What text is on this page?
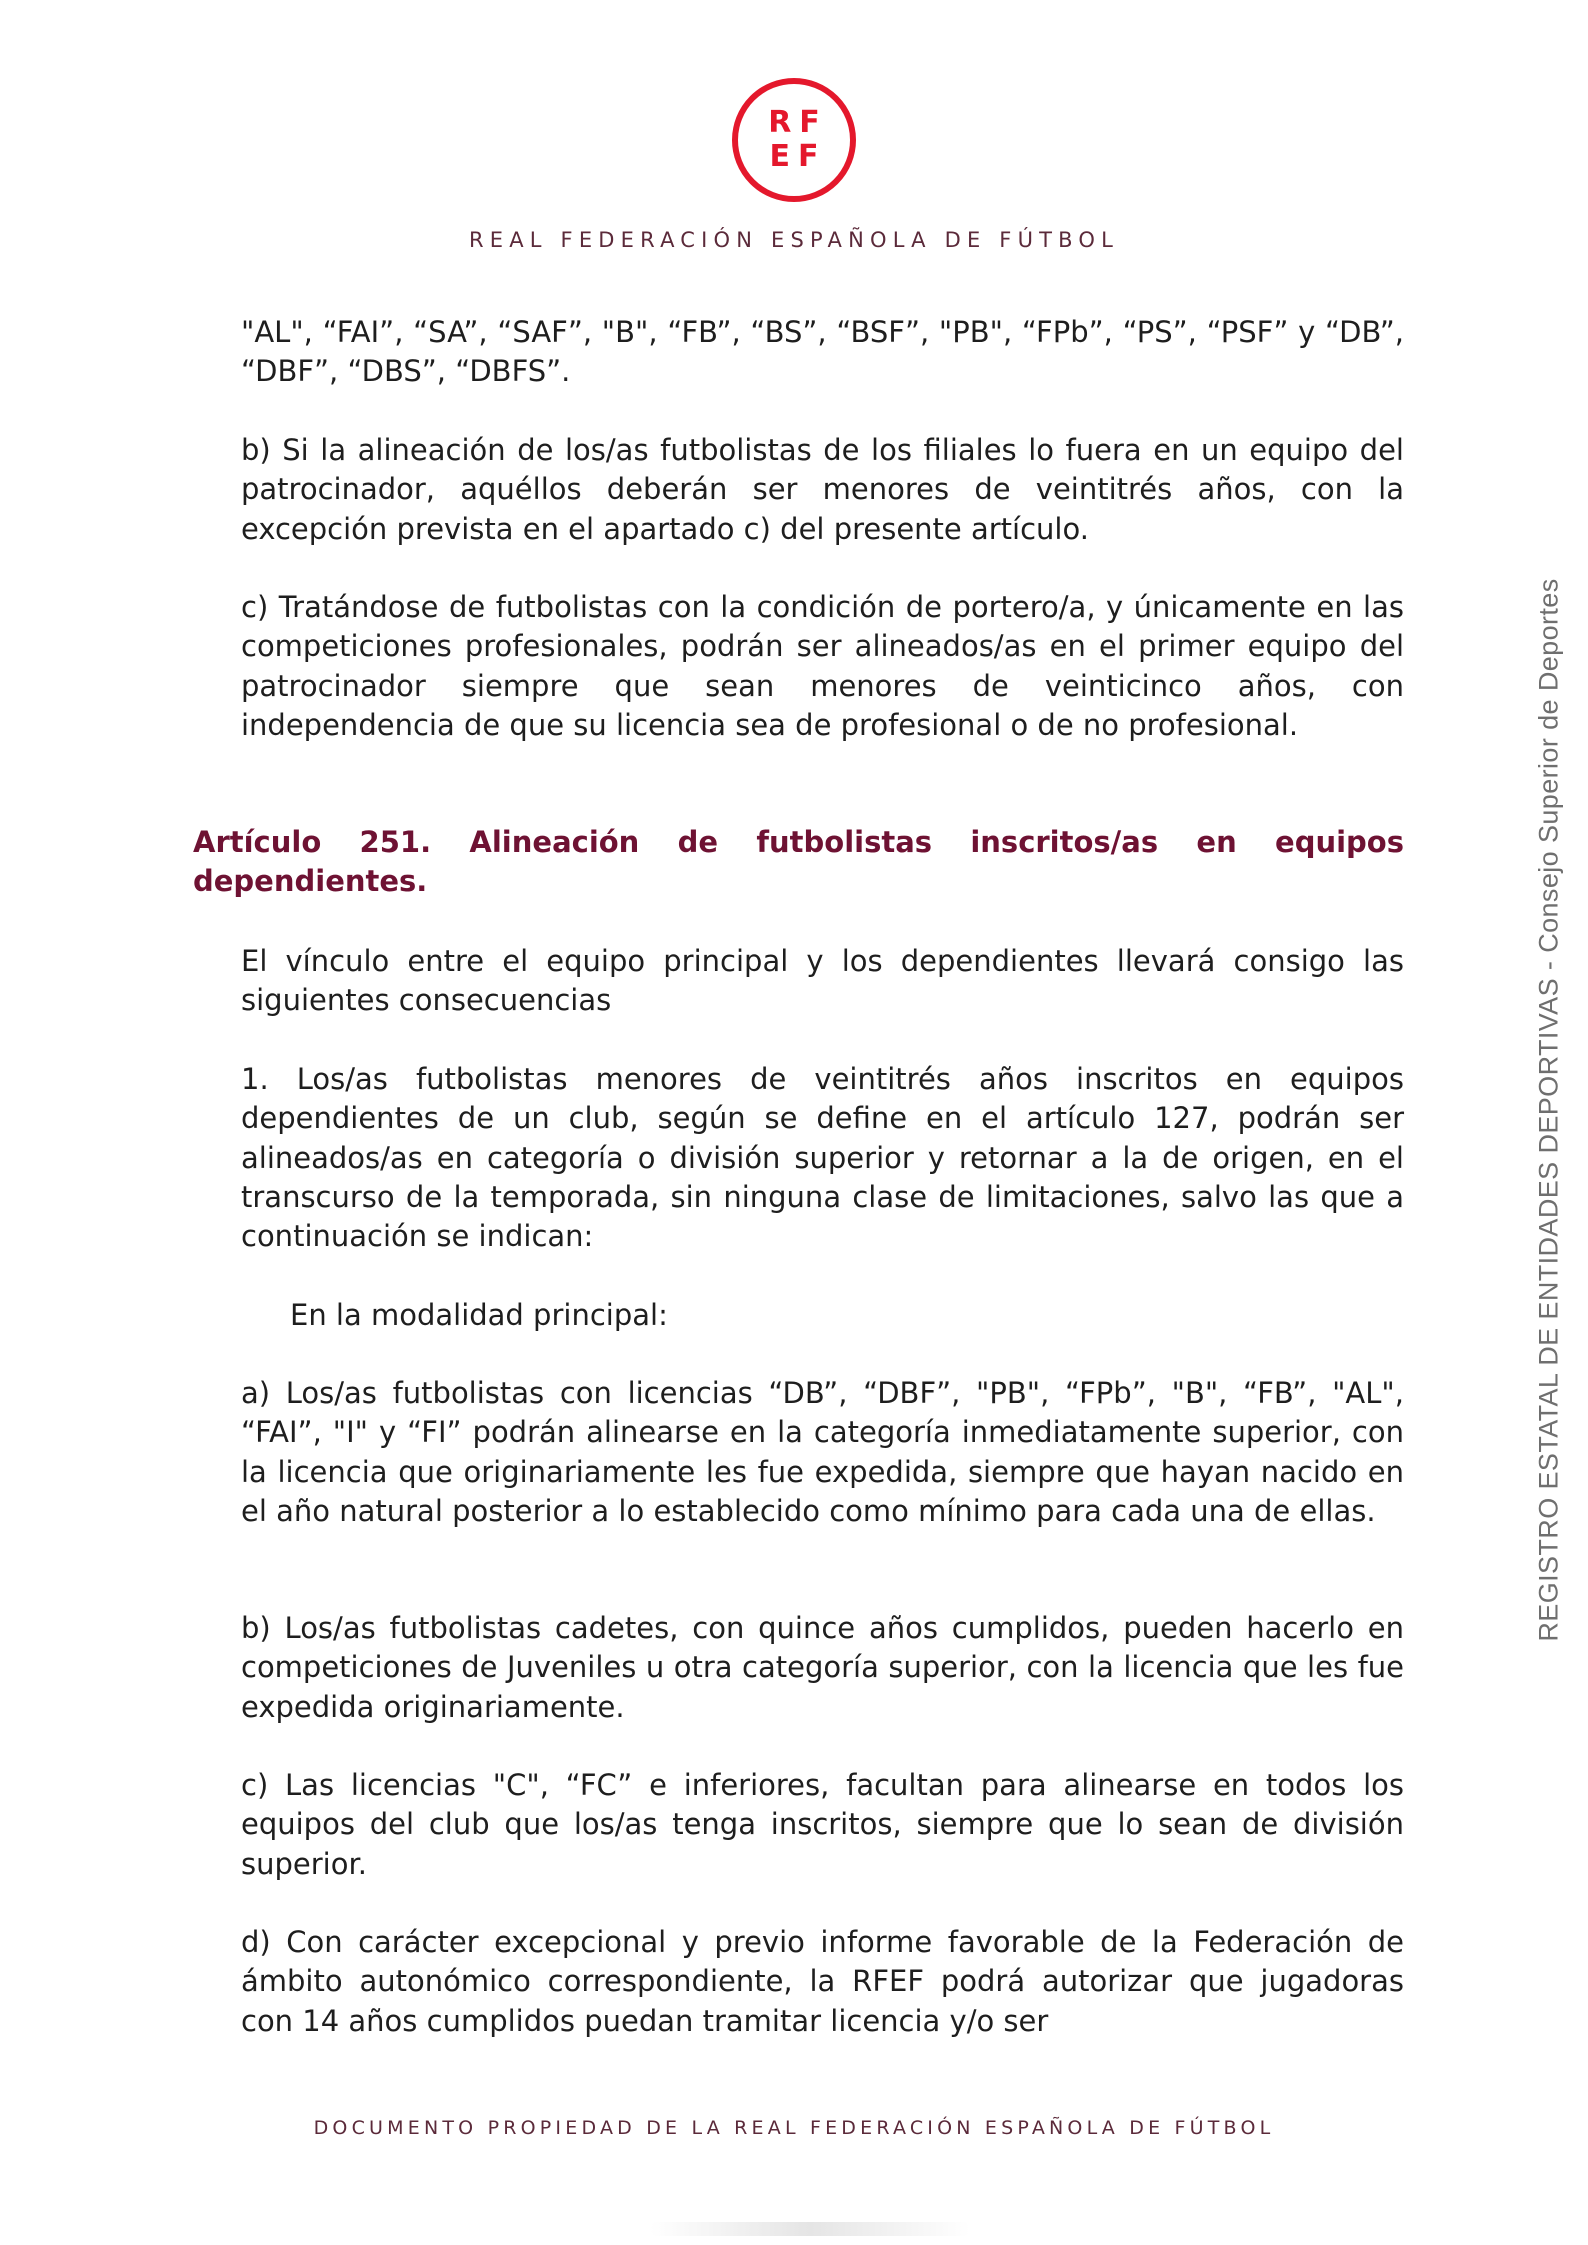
RF
EF
REAL FEDERACIÓN ESPAÑOLA DE FÚTBOL
REGISTRO ESTATAL DE ENTIDADES DEPORTIVAS - Consejo Superior de Deportes

"AL", “FAI”, “SA”, “SAF”, "B", “FB”, “BS”, “BSF”, "PB", “FPb”, “PS”, “PSF” y “DB”, “DBF”, “DBS”, “DBFS”.

b) Si la alineación de los/as futbolistas de los filiales lo fuera en un equipo del patrocinador, aquéllos deberán ser menores de veintitrés años, con la excepción prevista en el apartado c) del presente artículo.

c) Tratándose de futbolistas con la condición de portero/a, y únicamente en las competiciones profesionales, podrán ser alineados/as en el primer equipo del patrocinador siempre que sean menores de veinticinco años, con independencia de que su licencia sea de profesional o de no profesional.

Artículo 251. Alineación de futbolistas inscritos/as en equipos dependientes.

El vínculo entre el equipo principal y los dependientes llevará consigo las siguientes consecuencias

1. Los/as futbolistas menores de veintitrés años inscritos en equipos dependientes de un club, según se define en el artículo 127, podrán ser alineados/as en categoría o división superior y retornar a la de origen, en el transcurso de la temporada, sin ninguna clase de limitaciones, salvo las que a continuación se indican:

En la modalidad principal:

a) Los/as futbolistas con licencias “DB”, “DBF”, "PB", “FPb”, "B", “FB”, "AL", “FAI”, "I" y “FI” podrán alinearse en la categoría inmediatamente superior, con la licencia que originariamente les fue expedida, siempre que hayan nacido en el año natural posterior a lo establecido como mínimo para cada una de ellas.

b) Los/as futbolistas cadetes, con quince años cumplidos, pueden hacerlo en competiciones de Juveniles u otra categoría superior, con la licencia que les fue expedida originariamente.

c) Las licencias "C", “FC” e inferiores, facultan para alinearse en todos los equipos del club que los/as tenga inscritos, siempre que lo sean de división superior.

d) Con carácter excepcional y previo informe favorable de la Federación de ámbito autonómico correspondiente, la RFEF podrá autorizar que jugadoras con 14 años cumplidos puedan tramitar licencia y/o ser

DOCUMENTO PROPIEDAD DE LA REAL FEDERACIÓN ESPAÑOLA DE FÚTBOL
